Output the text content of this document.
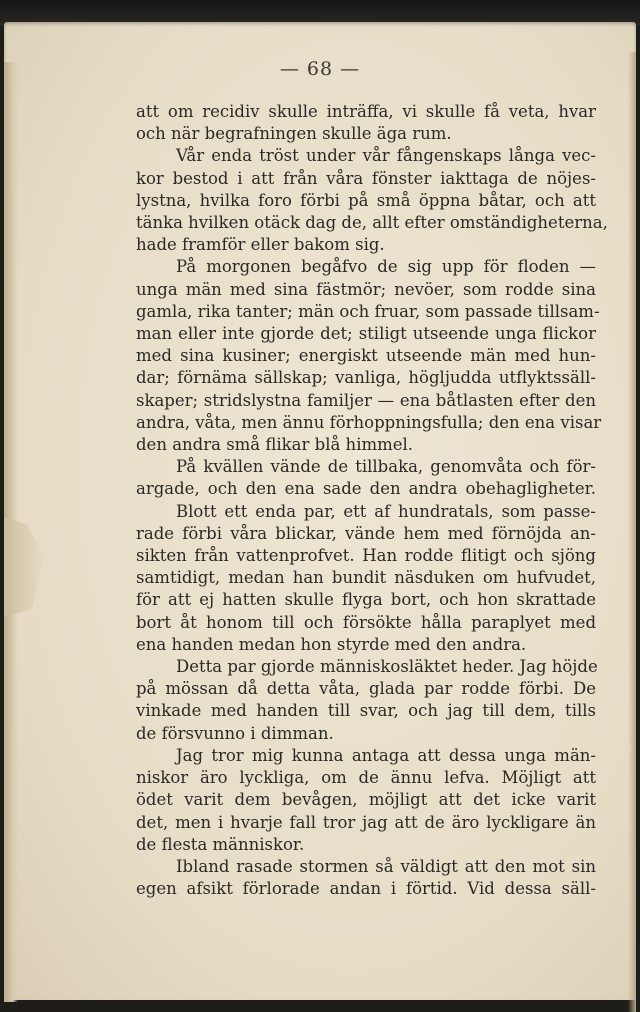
— 68 —
att om recidiv skulle inträffa, vi skulle få veta, hvar
och när begrafningen skulle äga rum.
Vår enda tröst under vår fångenskaps långa vec-
kor bestod i att från våra fönster iakttaga de nöjes-
lystna, hvilka foro förbi på små öppna båtar, och att
tänka hvilken otäck dag de, allt efter omständigheterna,
hade framför eller bakom sig.
På morgonen begåfvo de sig upp för floden —
unga män med sina fästmör; nevöer, som rodde sina
gamla, rika tanter; män och fruar, som passade tillsam-
man eller inte gjorde det; stiligt utseende unga flickor
med sina kusiner; energiskt utseende män med hun-
dar; förnäma sällskap; vanliga, högljudda utflyktssäll-
skaper; stridslystna familjer — ena båtlasten efter den
andra, våta, men ännu förhoppningsfulla; den ena visar
den andra små flikar blå himmel.
På kvällen vände de tillbaka, genomvåta och för-
argade, och den ena sade den andra obehagligheter.
Blott ett enda par, ett af hundratals, som passe-
rade förbi våra blickar, vände hem med förnöjda an-
sikten från vattenprofvet. Han rodde flitigt och sjöng
samtidigt, medan han bundit näsduken om hufvudet,
för att ej hatten skulle flyga bort, och hon skrattade
bort åt honom till och försökte hålla paraplyet med
ena handen medan hon styrde med den andra.
Detta par gjorde människosläktet heder. Jag höjde
på mössan då detta våta, glada par rodde förbi. De
vinkade med handen till svar, och jag till dem, tills
de försvunno i dimman.
Jag tror mig kunna antaga att dessa unga män-
niskor äro lyckliga, om de ännu lefva. Möjligt att
ödet varit dem bevågen, möjligt att det icke varit
det, men i hvarje fall tror jag att de äro lyckligare än
de flesta människor.
Ibland rasade stormen så väldigt att den mot sin
egen afsikt förlorade andan i förtid. Vid dessa säll-
